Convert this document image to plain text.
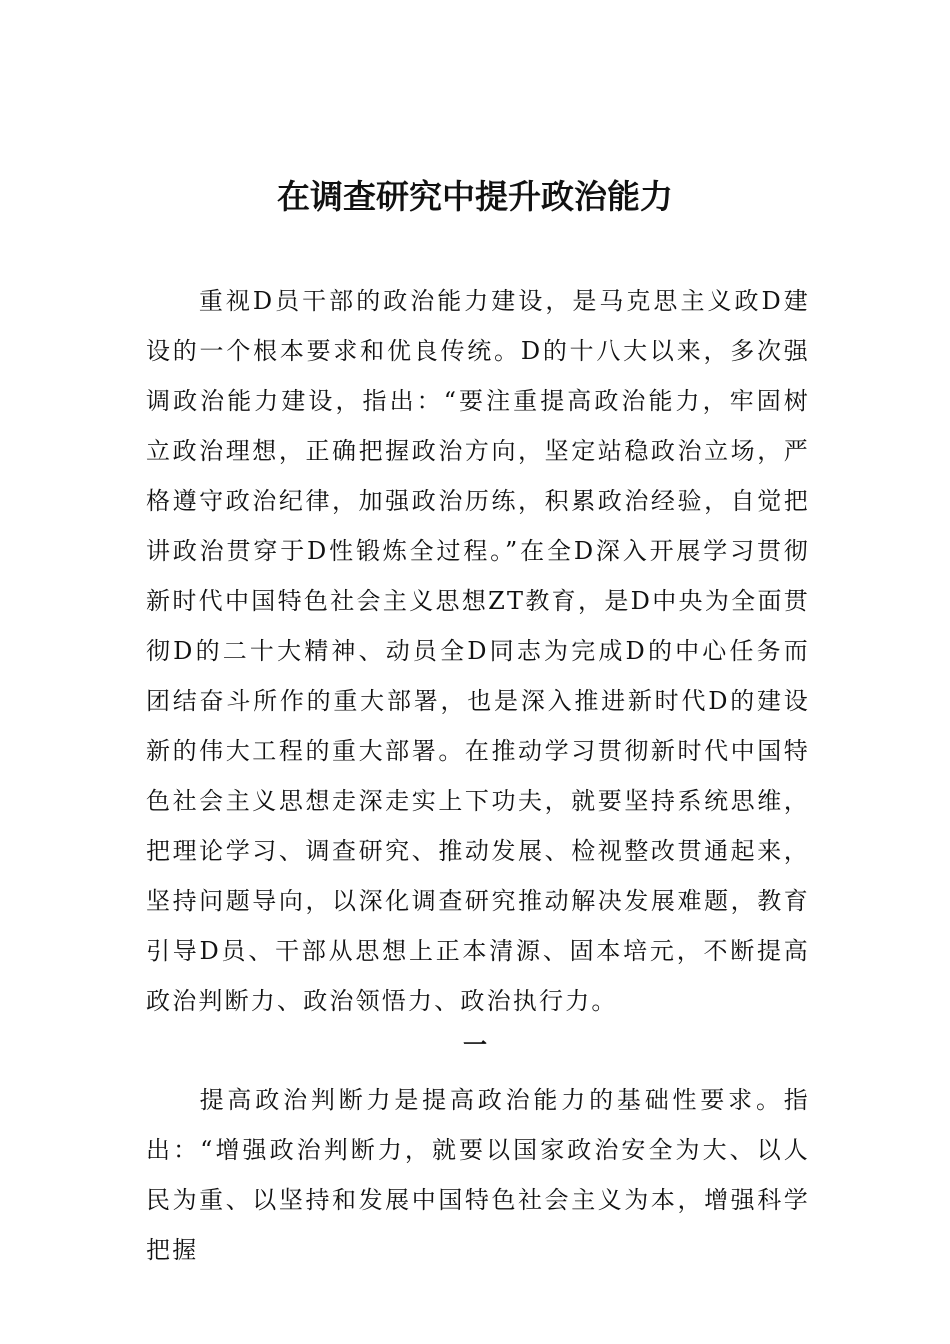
在调查研究中提升政治能力

重视D员干部的政治能力建设，是马克思主义政D建设的一个根本要求和优良传统。D的十八大以来，多次强调政治能力建设，指出：“要注重提高政治能力，牢固树立政治理想，正确把握政治方向，坚定站稳政治立场，严格遵守政治纪律，加强政治历练，积累政治经验，自觉把讲政治贯穿于D性锻炼全过程。”在全D深入开展学习贯彻新时代中国特色社会主义思想ZT教育，是D中央为全面贯彻D的二十大精神、动员全D同志为完成D的中心任务而团结奋斗所作的重大部署，也是深入推进新时代D的建设新的伟大工程的重大部署。在推动学习贯彻新时代中国特色社会主义思想走深走实上下功夫，就要坚持系统思维，把理论学习、调查研究、推动发展、检视整改贯通起来，坚持问题导向，以深化调查研究推动解决发展难题，教育引导D员、干部从思想上正本清源、固本培元，不断提高政治判断力、政治领悟力、政治执行力。

一

提高政治判断力是提高政治能力的基础性要求。指出：“增强政治判断力，就要以国家政治安全为大、以人民为重、以坚持和发展中国特色社会主义为本，增强科学把握
